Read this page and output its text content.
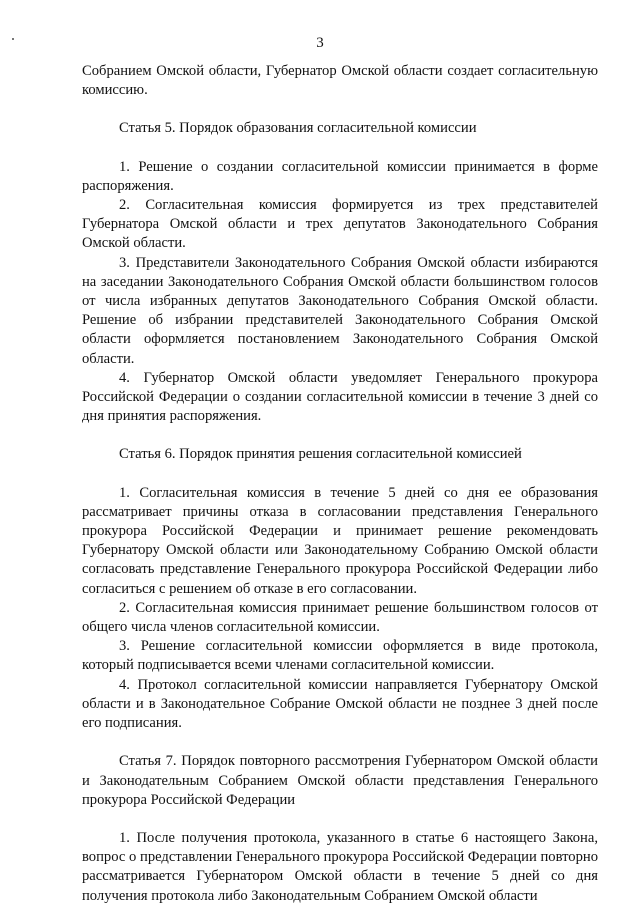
3

Собранием Омской области, Губернатор Омской области создает согласительную комиссию.

Статья 5. Порядок образования согласительной комиссии

1. Решение о создании согласительной комиссии принимается в форме распоряжения.

2. Согласительная комиссия формируется из трех представителей Губернатора Омской области и трех депутатов Законодательного Собрания Омской области.

3. Представители Законодательного Собрания Омской области избираются на заседании Законодательного Собрания Омской области большинством голосов от числа избранных депутатов Законодательного Собрания Омской области. Решение об избрании представителей Законодательного Собрания Омской области оформляется постановлением Законодательного Собрания Омской области.

4. Губернатор Омской области уведомляет Генерального прокурора Российской Федерации о создании согласительной комиссии в течение 3 дней со дня принятия распоряжения.

Статья 6. Порядок принятия решения согласительной комиссией

1. Согласительная комиссия в течение 5 дней со дня ее образования рассматривает причины отказа в согласовании представления Генерального прокурора Российской Федерации и принимает решение рекомендовать Губернатору Омской области или Законодательному Собранию Омской области согласовать представление Генерального прокурора Российской Федерации либо согласиться с решением об отказе в его согласовании.

2. Согласительная комиссия принимает решение большинством голосов от общего числа членов согласительной комиссии.

3. Решение согласительной комиссии оформляется в виде протокола, который подписывается всеми членами согласительной комиссии.

4. Протокол согласительной комиссии направляется Губернатору Омской области и в Законодательное Собрание Омской области не позднее 3 дней после его подписания.

Статья 7. Порядок повторного рассмотрения Губернатором Омской области и Законодательным Собранием Омской области представления Генерального прокурора Российской Федерации

1. После получения протокола, указанного в статье 6 настоящего Закона, вопрос о представлении Генерального прокурора Российской Федерации повторно рассматривается Губернатором Омской области в течение 5 дней со дня получения протокола либо Законодательным Собранием Омской области
